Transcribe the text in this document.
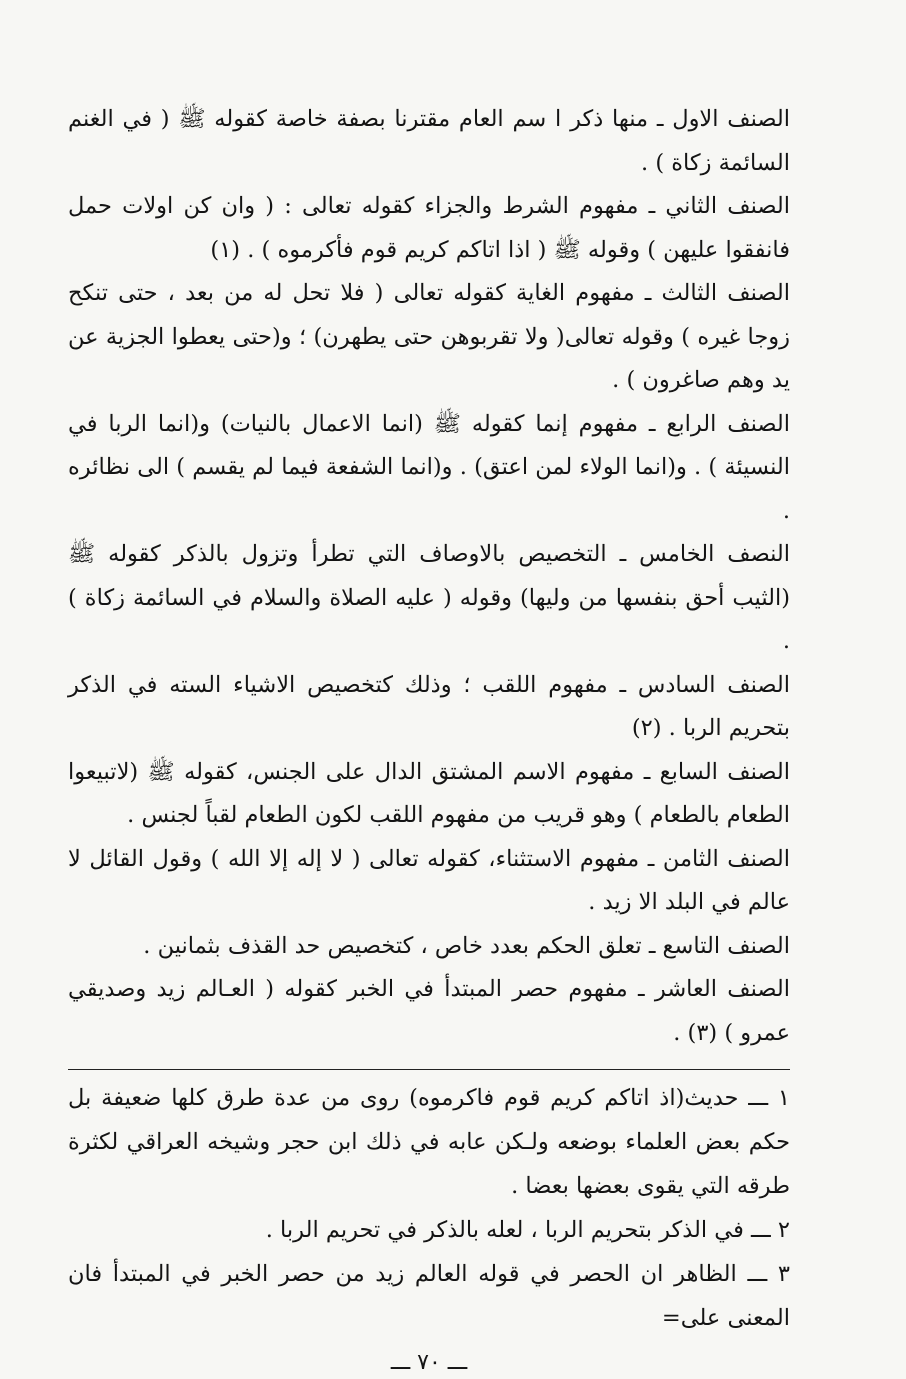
الصنف الاول ـ منها ذكر ا سم العام مقترنا بصفة خاصة كقوله ﷺ ( في الغنم السائمة زكاة ) .

الصنف الثاني ـ مفهوم الشرط والجزاء كقوله تعالى : ( وان كن اولات حمل فانفقوا عليهن ) وقوله ﷺ ( اذا اتاكم كريم قوم فأكرموه ) . (١)

الصنف الثالث ـ مفهوم الغاية كقوله تعالى ( فلا تحل له من بعد ، حتى تنكح زوجا غيره ) وقوله تعالى( ولا تقربوهن حتى يطهرن) ؛ و(حتى يعطوا الجزية عن يد وهم صاغرون ) .

الصنف الرابع ـ مفهوم إنما كقوله ﷺ (انما الاعمال بالنيات) و(انما الربا في النسيئة ) . و(انما الولاء لمن اعتق) . و(انما الشفعة فيما لم يقسم ) الى نظائره .

النصف الخامس ـ التخصيص بالاوصاف التي تطرأ وتزول بالذكر كقوله ﷺ (الثيب أحق بنفسها من وليها) وقوله ( عليه الصلاة والسلام في السائمة زكاة ) .

الصنف السادس ـ مفهوم اللقب ؛ وذلك كتخصيص الاشياء السته في الذكر بتحريم الربا . (٢)

الصنف السابع ـ مفهوم الاسم المشتق الدال على الجنس، كقوله ﷺ (لاتبيعوا الطعام بالطعام ) وهو قريب من مفهوم اللقب لكون الطعام لقباً لجنس .

الصنف الثامن ـ مفهوم الاستثناء، كقوله تعالى ( لا إله إلا الله ) وقول القائل لا عالم في البلد الا زيد .

الصنف التاسع ـ تعلق الحكم بعدد خاص ، كتخصيص حد القذف بثمانين .

الصنف العاشر ـ مفهوم حصر المبتدأ في الخبر كقوله ( العـالم زيد وصديقي عمرو ) (٣) .

١ ـــ حديث(اذ اتاكم كريم قوم فاكرموه) روى من عدة طرق كلها ضعيفة بل حكم بعض العلماء بوضعه ولـكن عابه في ذلك ابن حجر وشيخه العراقي لكثرة طرقه التي يقوى بعضها بعضا .

٢ ـــ في الذكر بتحريم الربا ، لعله بالذكر في تحريم الربا .

٣ ـــ الظاهر ان الحصر في قوله العالم زيد من حصر الخبر في المبتدأ فان المعنى على=

ـــ ٧٠ ـــ
